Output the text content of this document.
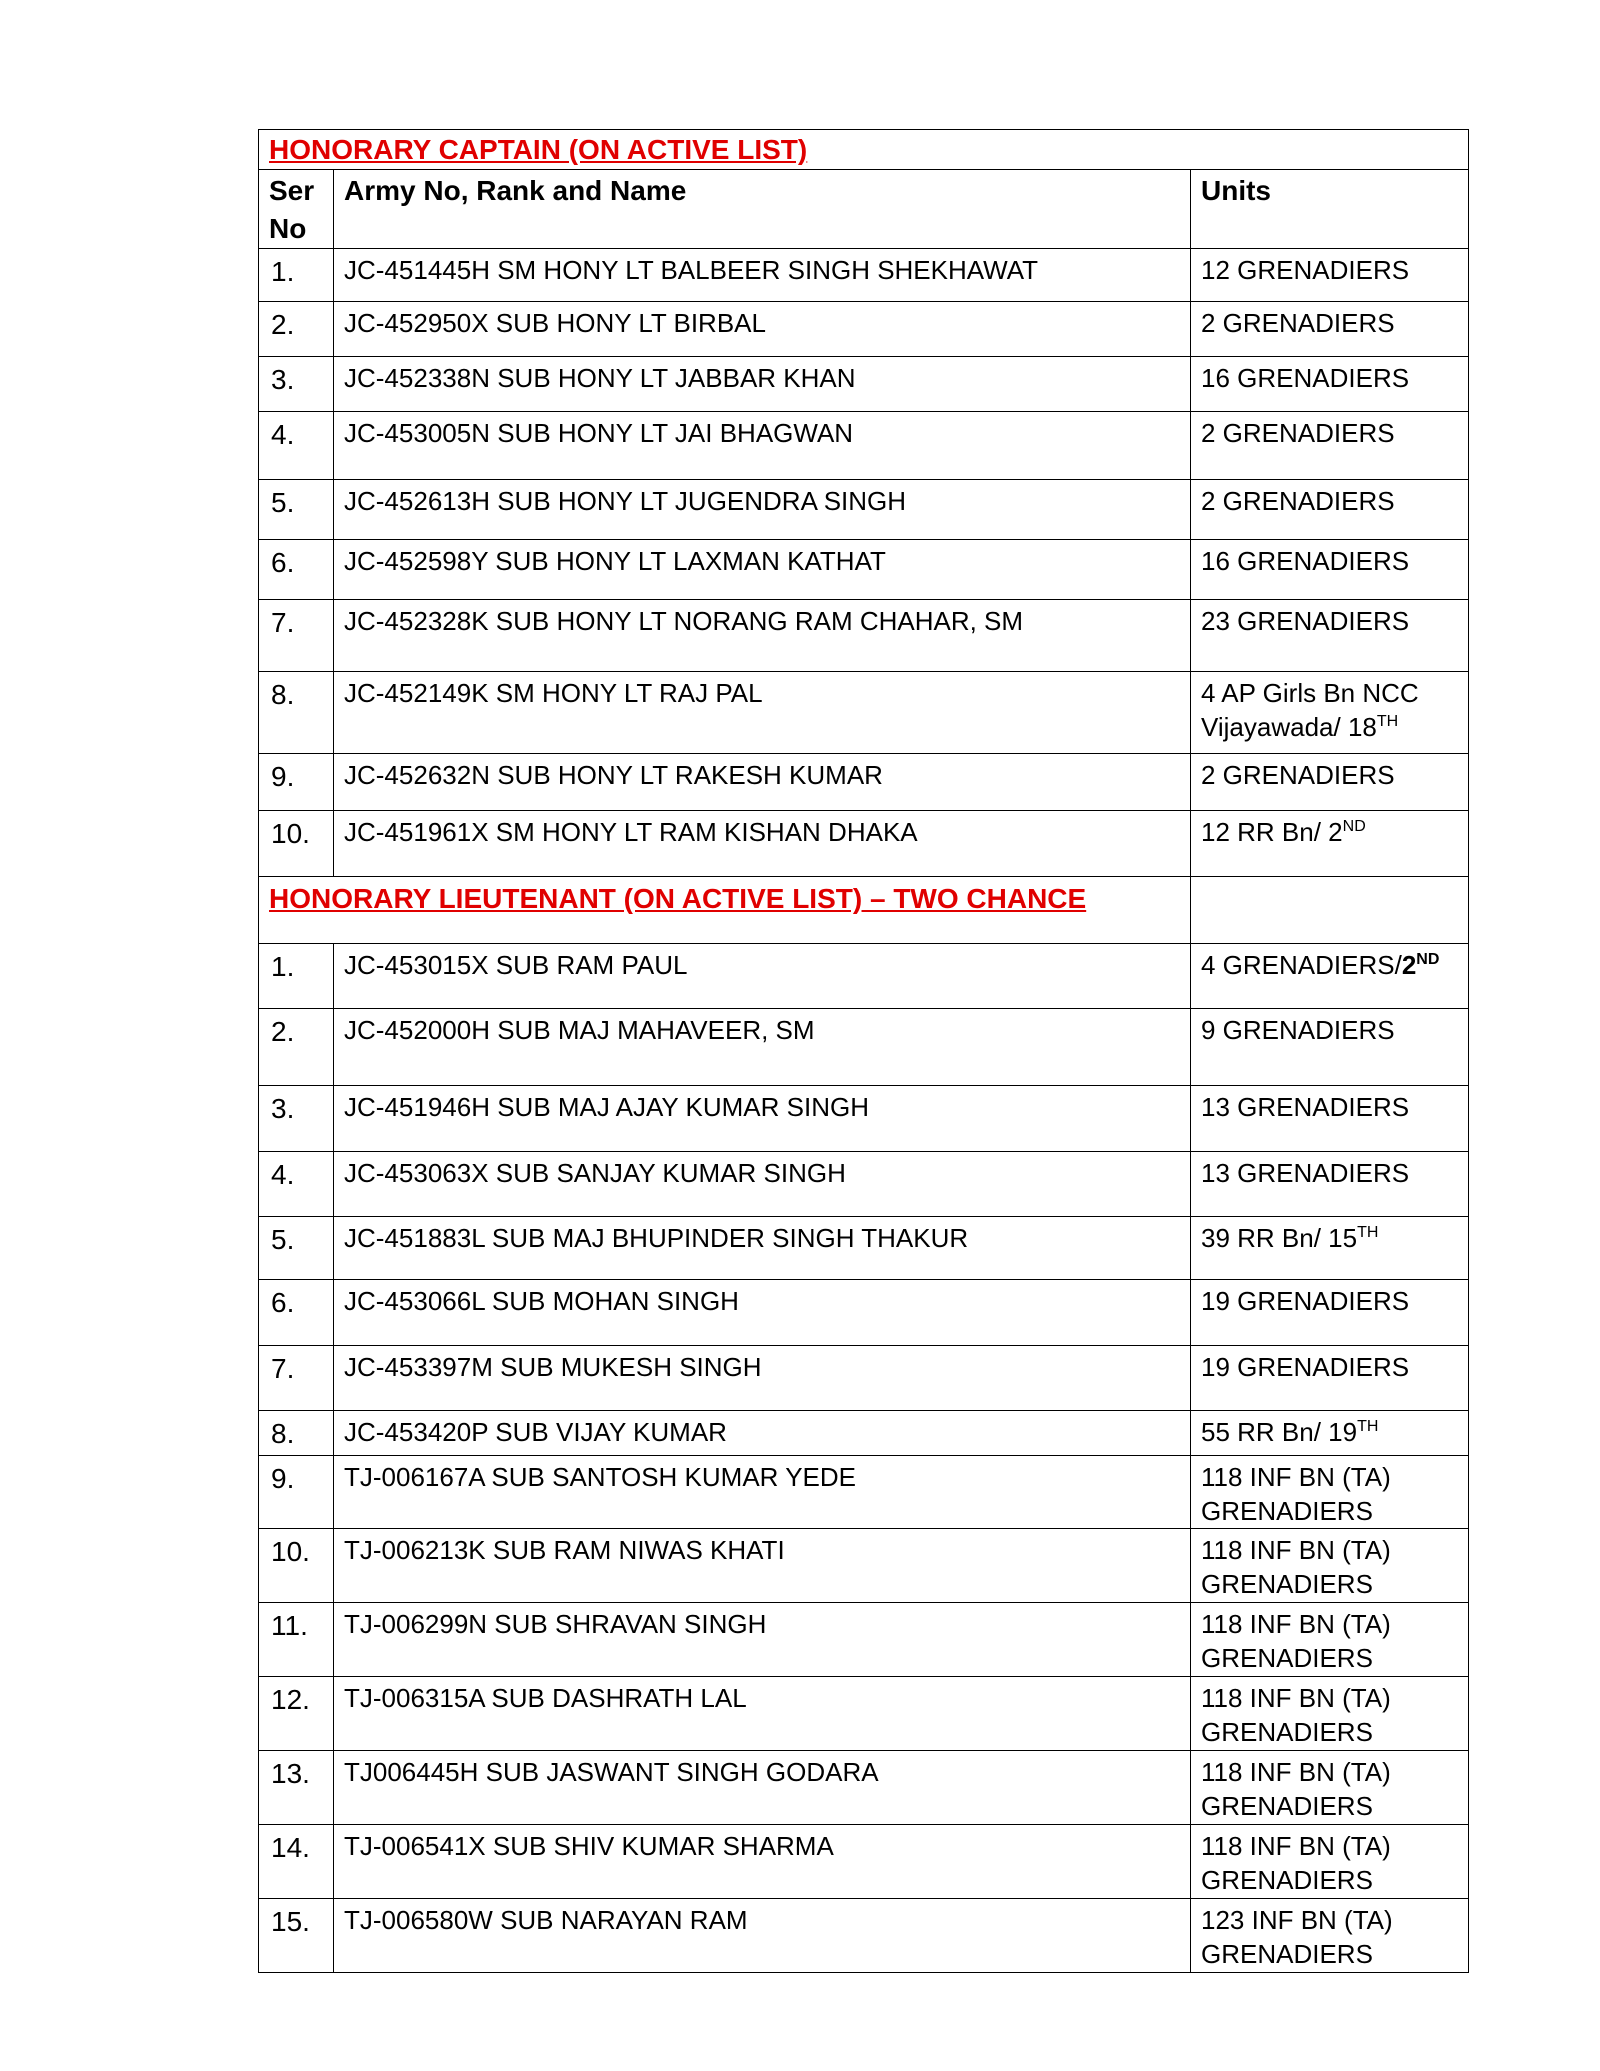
HONORARY CAPTAIN (ON ACTIVE LIST)		
Ser No	Army No, Rank and Name	Units
1.	JC-451445H SM HONY LT BALBEER SINGH SHEKHAWAT	12 GRENADIERS
2.	JC-452950X SUB HONY LT BIRBAL	2 GRENADIERS
3.	JC-452338N SUB HONY LT JABBAR KHAN	16 GRENADIERS
4.	JC-453005N SUB HONY LT JAI BHAGWAN	2 GRENADIERS
5.	JC-452613H SUB HONY LT JUGENDRA SINGH	2 GRENADIERS
6.	JC-452598Y SUB HONY LT LAXMAN KATHAT	16 GRENADIERS
7.	JC-452328K SUB HONY LT NORANG RAM CHAHAR, SM	23 GRENADIERS
8.	JC-452149K SM HONY LT RAJ PAL	4 AP Girls Bn NCC
Vijayawada/ 18TH
9.	JC-452632N SUB HONY LT RAKESH KUMAR	2 GRENADIERS
10.	JC-451961X SM HONY LT RAM KISHAN DHAKA	12 RR Bn/ 2ND
HONORARY LIEUTENANT (ON ACTIVE LIST) – TWO CHANCE		
1.	JC-453015X SUB RAM PAUL	4 GRENADIERS/2ND
2.	JC-452000H SUB MAJ MAHAVEER, SM	9 GRENADIERS
3.	JC-451946H SUB MAJ AJAY KUMAR SINGH	13 GRENADIERS
4.	JC-453063X SUB SANJAY KUMAR SINGH	13 GRENADIERS
5.	JC-451883L SUB MAJ BHUPINDER SINGH THAKUR	39 RR Bn/ 15TH
6.	JC-453066L SUB MOHAN SINGH	19 GRENADIERS
7.	JC-453397M SUB MUKESH SINGH	19 GRENADIERS
8.	JC-453420P SUB VIJAY KUMAR	55 RR Bn/ 19TH
9.	TJ-006167A SUB SANTOSH KUMAR YEDE	118 INF BN (TA)
GRENADIERS
10.	TJ-006213K SUB RAM NIWAS KHATI	118 INF BN (TA)
GRENADIERS
11.	TJ-006299N SUB SHRAVAN SINGH	118 INF BN (TA)
GRENADIERS
12.	TJ-006315A SUB DASHRATH LAL	118 INF BN (TA)
GRENADIERS
13.	TJ006445H SUB JASWANT SINGH GODARA	118 INF BN (TA)
GRENADIERS
14.	TJ-006541X SUB SHIV KUMAR SHARMA	118 INF BN (TA)
GRENADIERS
15.	TJ-006580W SUB NARAYAN RAM	123 INF BN (TA)
GRENADIERS
